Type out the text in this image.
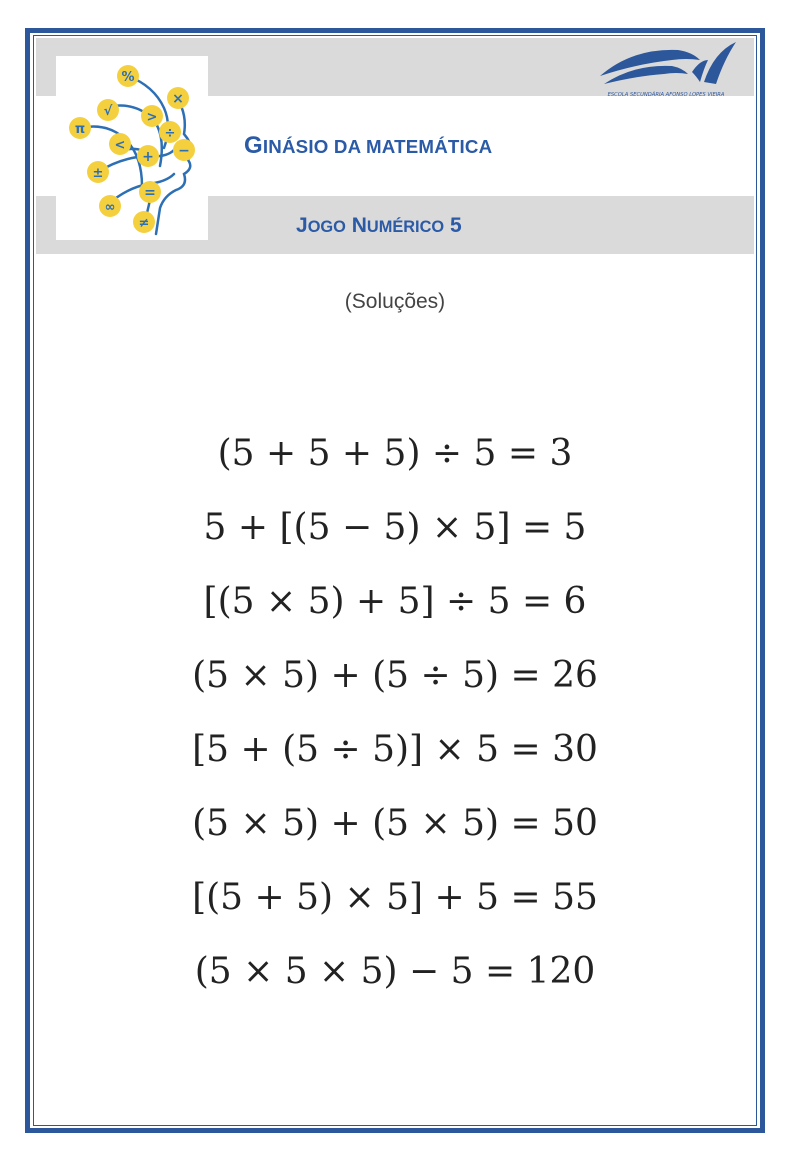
%
×
√	>
π
<
÷
+ −
±
∞
=
≠
ESCOLA SECUNDÁRIA AFONSO LOPES VIEIRA
GINÁSIO DA MATEMÁTICA
JOGO NUMÉRICO 5
(Soluções)
(5 + 5 + 5) ÷ 5 = 3
5 + [(5 − 5) × 5] = 5
[(5 × 5) + 5] ÷ 5 = 6
(5 × 5) + (5 ÷ 5) = 26
[5 + (5 ÷ 5)] × 5 = 30
(5 × 5) + (5 × 5) = 50
[(5 + 5) × 5] + 5 = 55
(5 × 5 × 5) − 5 = 120
